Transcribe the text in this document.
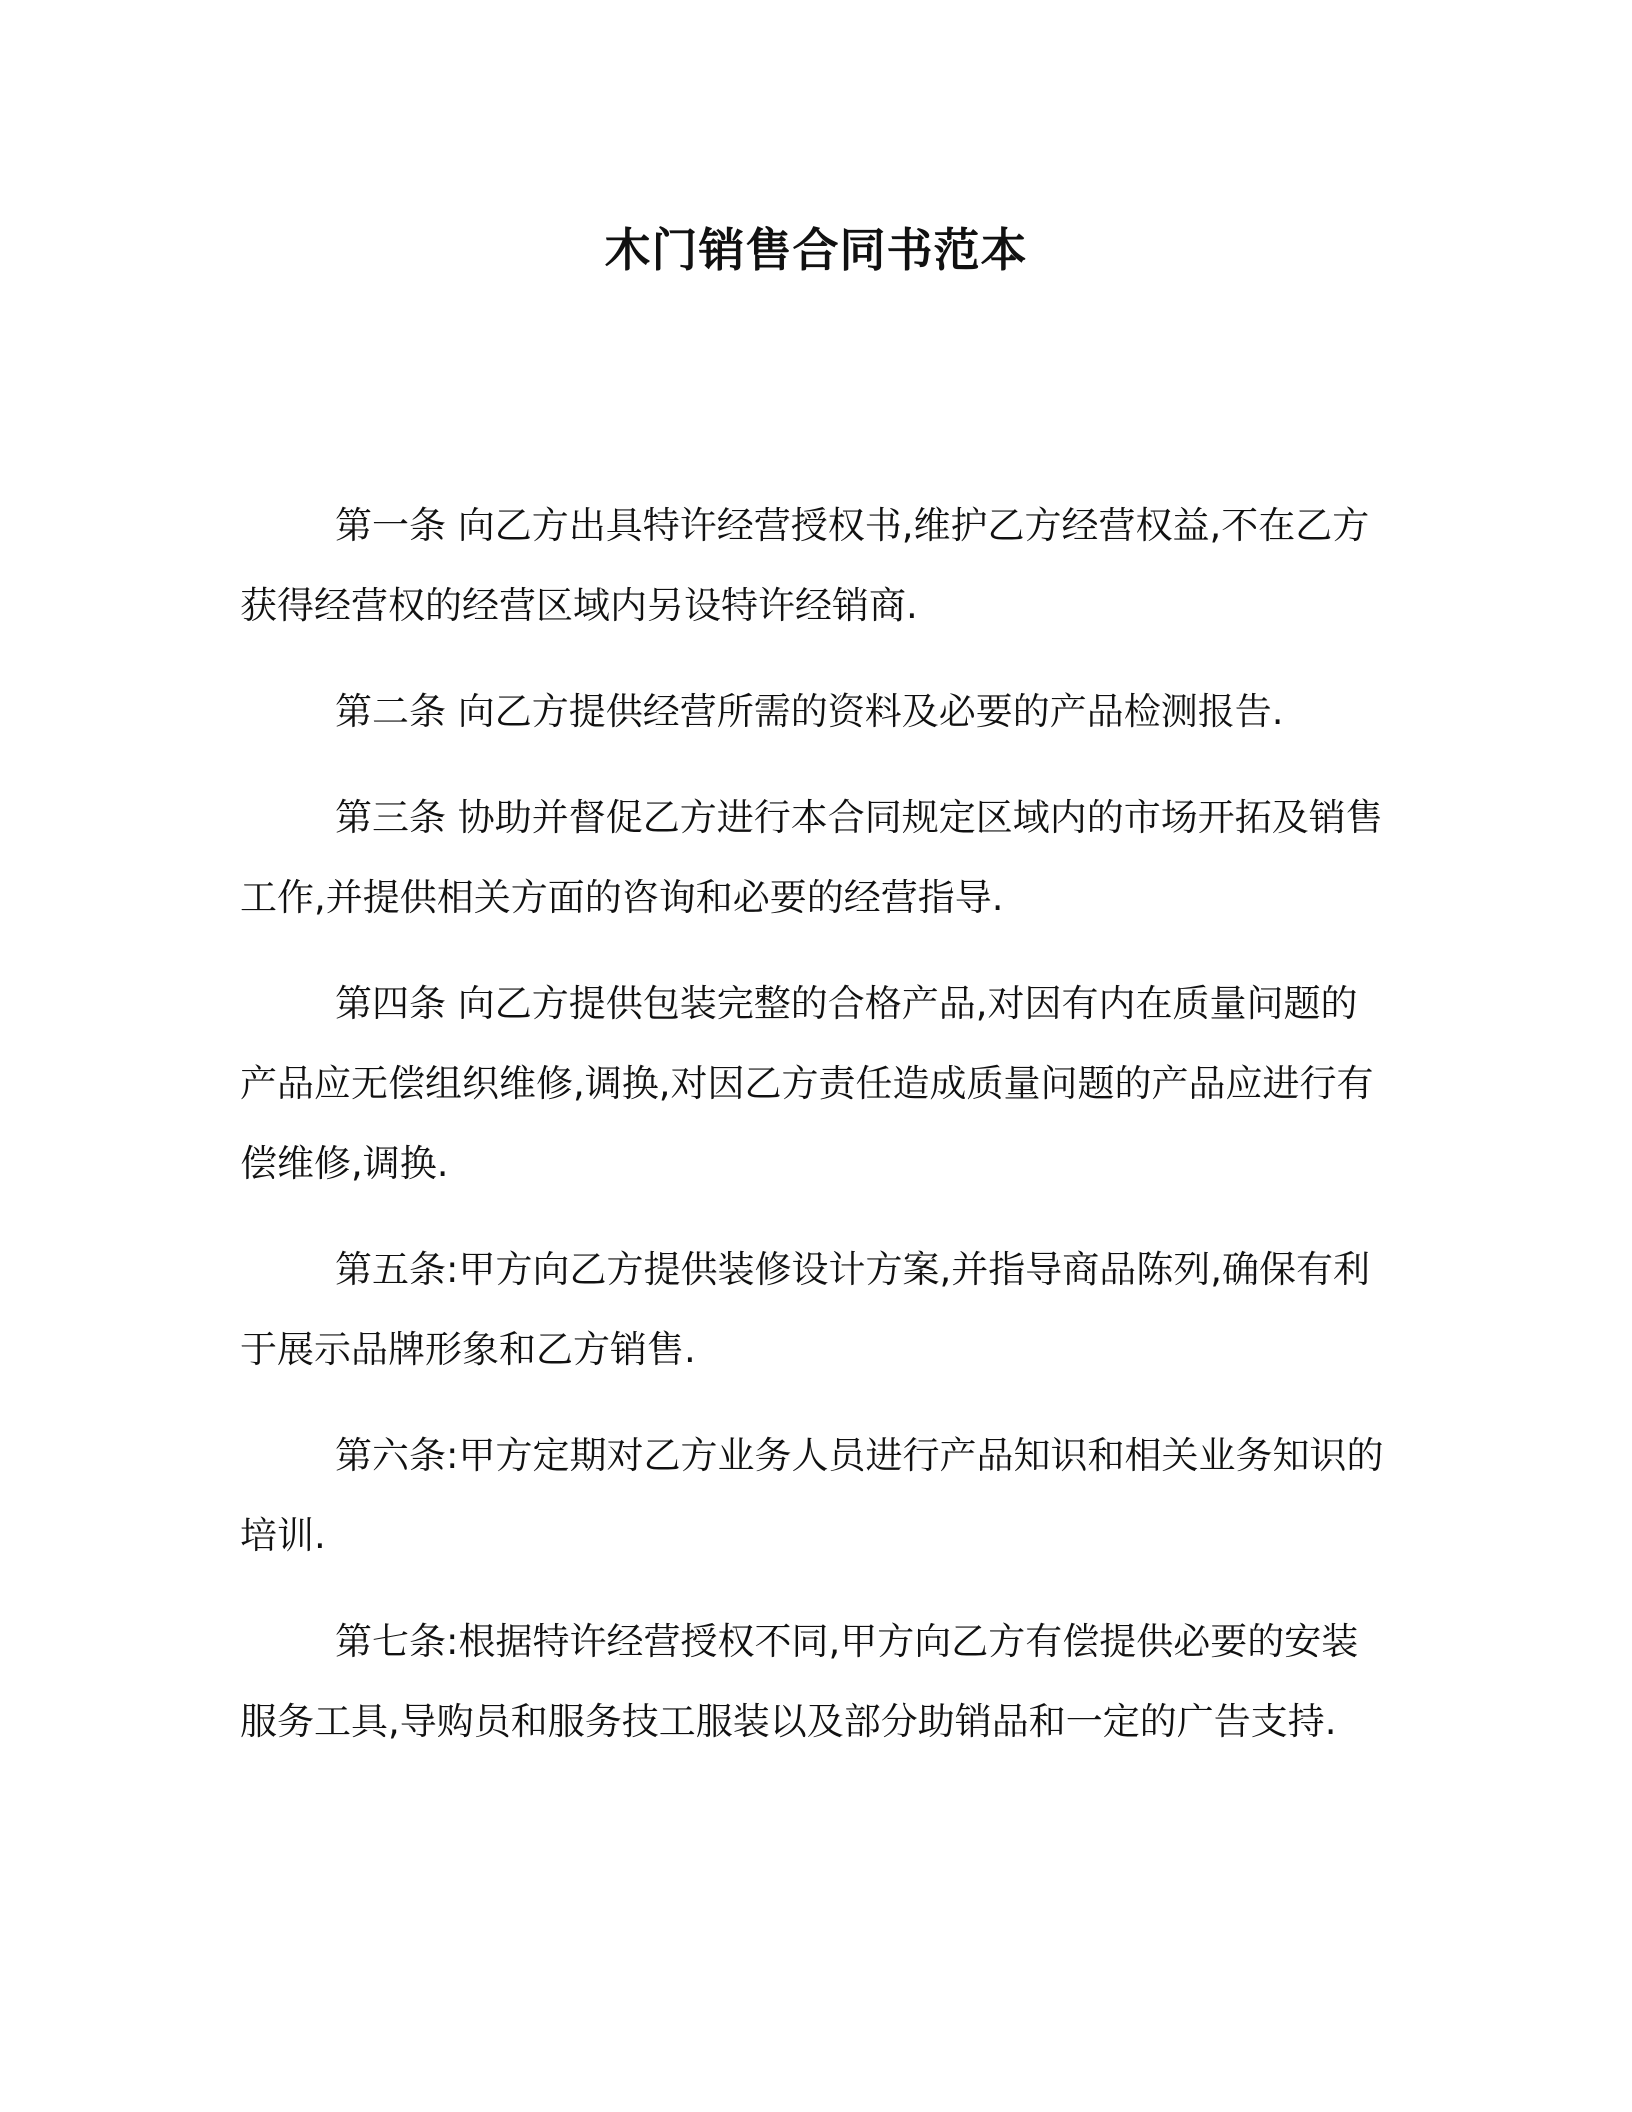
木门销售合同书范本

第一条 向乙方出具特许经营授权书,维护乙方经营权益,不在乙方获得经营权的经营区域内另设特许经销商.

第二条 向乙方提供经营所需的资料及必要的产品检测报告.

第三条 协助并督促乙方进行本合同规定区域内的市场开拓及销售工作,并提供相关方面的咨询和必要的经营指导.

第四条 向乙方提供包装完整的合格产品,对因有内在质量问题的产品应无偿组织维修,调换,对因乙方责任造成质量问题的产品应进行有偿维修,调换.

第五条:甲方向乙方提供装修设计方案,并指导商品陈列,确保有利于展示品牌形象和乙方销售.

第六条:甲方定期对乙方业务人员进行产品知识和相关业务知识的培训.

第七条:根据特许经营授权不同,甲方向乙方有偿提供必要的安装服务工具,导购员和服务技工服装以及部分助销品和一定的广告支持.
